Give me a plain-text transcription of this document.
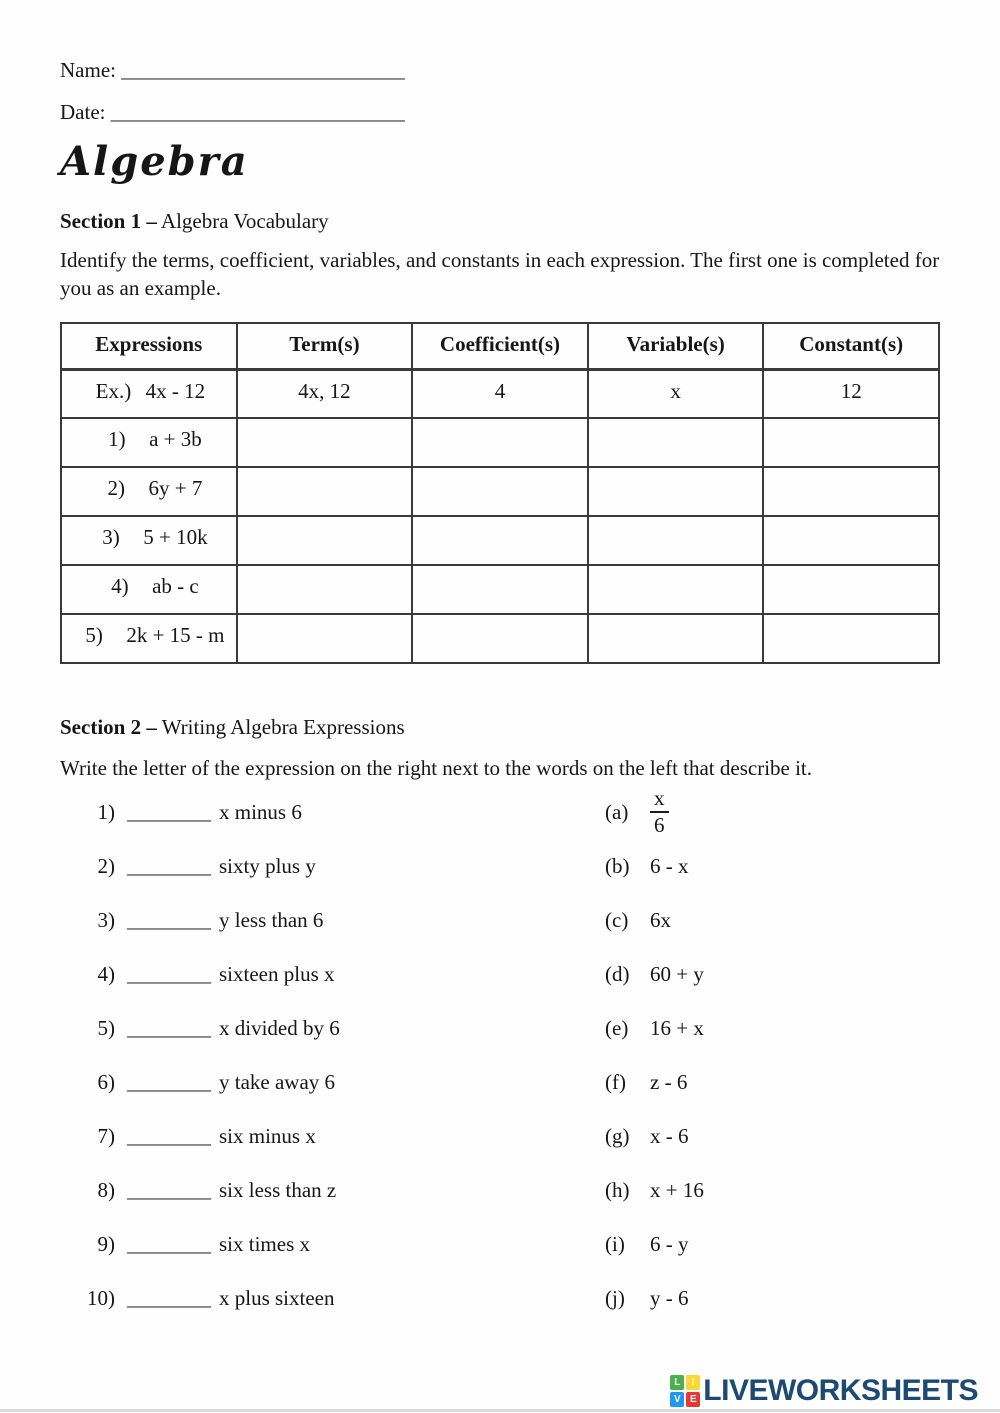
Name: ___________________________
Date: ____________________________
Algebra
Section 1 – Algebra Vocabulary
Identify the terms, coefficient, variables, and constants in each expression. The first one is completed for you as an example.
Expressions	Term(s)	Coefficient(s)	Variable(s)	Constant(s)
Ex.) 4x - 12	4x, 12	4	x	12
1) a + 3b				
2) 6y + 7				
3) 5 + 10k				
4) ab - c				
5) 2k + 15 - m				
Section 2 – Writing Algebra Expressions
Write the letter of the expression on the right next to the words on the left that describe it.
1) ________ x minus 6	(a)	$\frac{x}{6}$
2) ________ sixty plus y	(b) 6 - x
3) ________ y less than 6	(c)	6x
4) ________ sixteen plus x	(d) 60 + y
5) ________ x divided by 6	(e)	16 + x
6) ________ y take away 6	(f)	z - 6
7) ________ six minus x	(g) x - 6
8) ________ six less than z	(h) x + 16
9) ________ six times x	(i)	6 - y
10) ________ x plus sixteen	(j)	y - 6
L	I
V E LIVEWORKSHEETS
